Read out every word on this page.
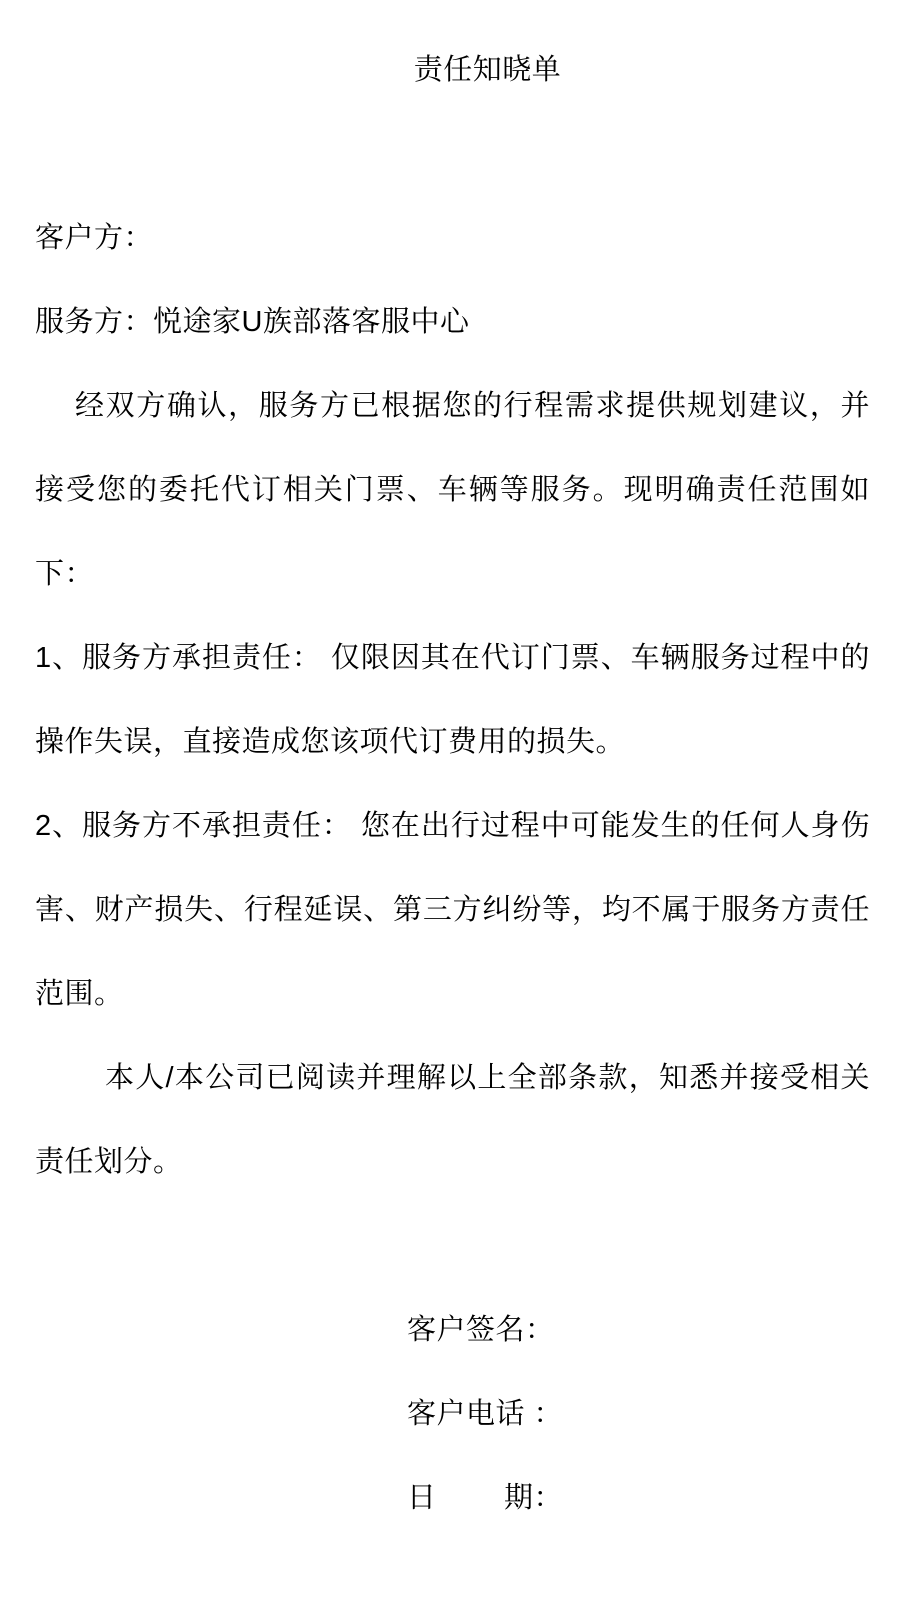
责任知晓单
客户方：
服务方：悦途家U族部落客服中心
经双方确认，服务方已根据您的行程需求提供规划建议，并
接受您的委托代订相关门票、车辆等服务。现明确责任范围如
下：
1、服务方承担责任： 仅限因其在代订门票、车辆服务过程中的
操作失误，直接造成您该项代订费用的损失。
2、服务方不承担责任： 您在出行过程中可能发生的任何人身伤
害、财产损失、行程延误、第三方纠纷等，均不属于服务方责任
范围。
本人/本公司已阅读并理解以上全部条款，知悉并接受相关
责任划分。
客户签名：
客户电话 ：
日　　 期：
